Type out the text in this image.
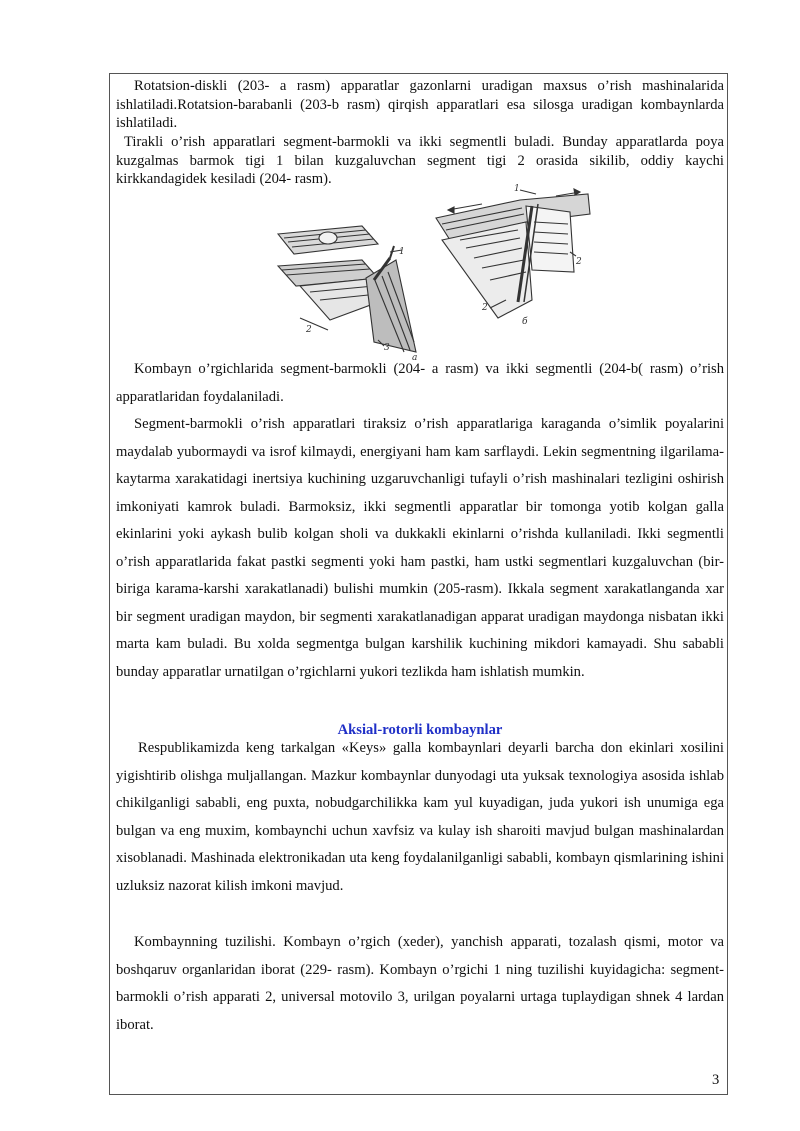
Rotatsion-diskli (203- a rasm) apparatlar gazonlarni uradigan maxsus o’rish mashinalarida ishlatiladi.Rotatsion-barabanli (203-b rasm) qirqish apparatlari esa silosga uradigan kombaynlarda ishlatiladi.

Tirakli o’rish apparatlari segment-barmokli va ikki segmentli buladi. Bunday apparatlarda poya kuzgalmas barmok tigi 1 bilan kuzgaluvchan segment tigi 2 orasida sikilib, oddiy kaychi kirkkandagidek kesiladi (204- rasm).

1
2
3
a
1
2
2
б

Kombayn o’rgichlarida segment-barmokli (204- a rasm) va ikki segmentli (204-b( rasm) o’rish apparatlaridan foydalaniladi.

Segment-barmokli o’rish apparatlari tiraksiz o’rish apparatlariga karaganda o’simlik poyalarini maydalab yubormaydi va isrof kilmaydi, energiyani ham kam sarflaydi. Lekin segmentning ilgarilama-kaytarma xarakatidagi inertsiya kuchining uzgaruvchanligi tufayli o’rish mashinalari tezligini oshirish imkoniyati kamrok buladi. Barmoksiz, ikki segmentli apparatlar bir tomonga yotib kolgan galla ekinlarini yoki aykash bulib kolgan sholi va dukkakli ekinlarni o’rishda kullaniladi. Ikki segmentli o’rish apparatlarida fakat pastki segmenti yoki ham pastki, ham ustki segmentlari kuzgaluvchan (bir-biriga karama-karshi xarakatlanadi) bulishi mumkin (205-rasm). Ikkala segment xarakatlanganda xar bir segment uradigan maydon, bir segmenti xarakatlanadigan apparat uradigan maydonga nisbatan ikki marta kam buladi. Bu xolda segmentga bulgan karshilik kuchining mikdori kamayadi. Shu sababli bunday apparatlar urnatilgan o’rgichlarni yukori tezlikda ham ishlatish mumkin.

Aksial-rotorli kombaynlar

Respublikamizda keng tarkalgan «Keys» galla kombaynlari deyarli barcha don ekinlari xosilini yigishtirib olishga muljallangan. Mazkur kombaynlar dunyodagi uta yuksak texnologiya asosida ishlab chikilganligi sababli, eng puxta, nobudgarchilikka kam yul kuyadigan, juda yukori ish unumiga ega bulgan va eng muxim, kombaynchi uchun xavfsiz va kulay ish sharoiti mavjud bulgan mashinalardan xisoblanadi. Mashinada elektronikadan uta keng foydalanilganligi sababli, kombayn qismlarining ishini uzluksiz nazorat kilish imkoni mavjud.

Kombaynning tuzilishi. Kombayn o’rgich (xeder), yanchish apparati, tozalash qismi, motor va boshqaruv organlaridan iborat (229- rasm). Kombayn o’rgichi 1 ning tuzilishi kuyidagicha: segment-barmokli o’rish apparati 2, universal motovilo 3, urilgan poyalarni urtaga tuplaydigan shnek 4 lardan iborat.

3
